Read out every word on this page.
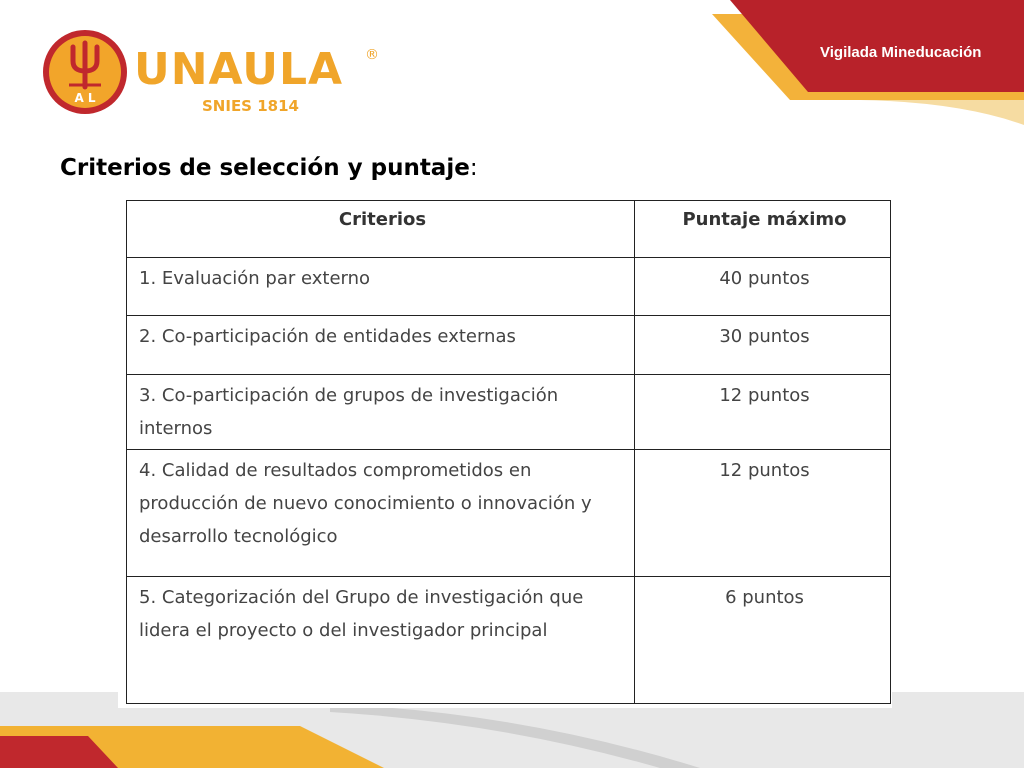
A L
UNAULA ®
SNIES 1814
Vigilada Mineducación
Criterios de selección y puntaje:
Criterios	Puntaje máximo
1. Evaluación par externo	40 puntos
2. Co-participación de entidades externas	30 puntos
3. Co-participación de grupos de investigación internos	12 puntos
4. Calidad de resultados comprometidos en producción de nuevo conocimiento o innovación y desarrollo tecnológico	12 puntos
5. Categorización del Grupo de investigación que lidera el proyecto o del investigador principal	6 puntos
